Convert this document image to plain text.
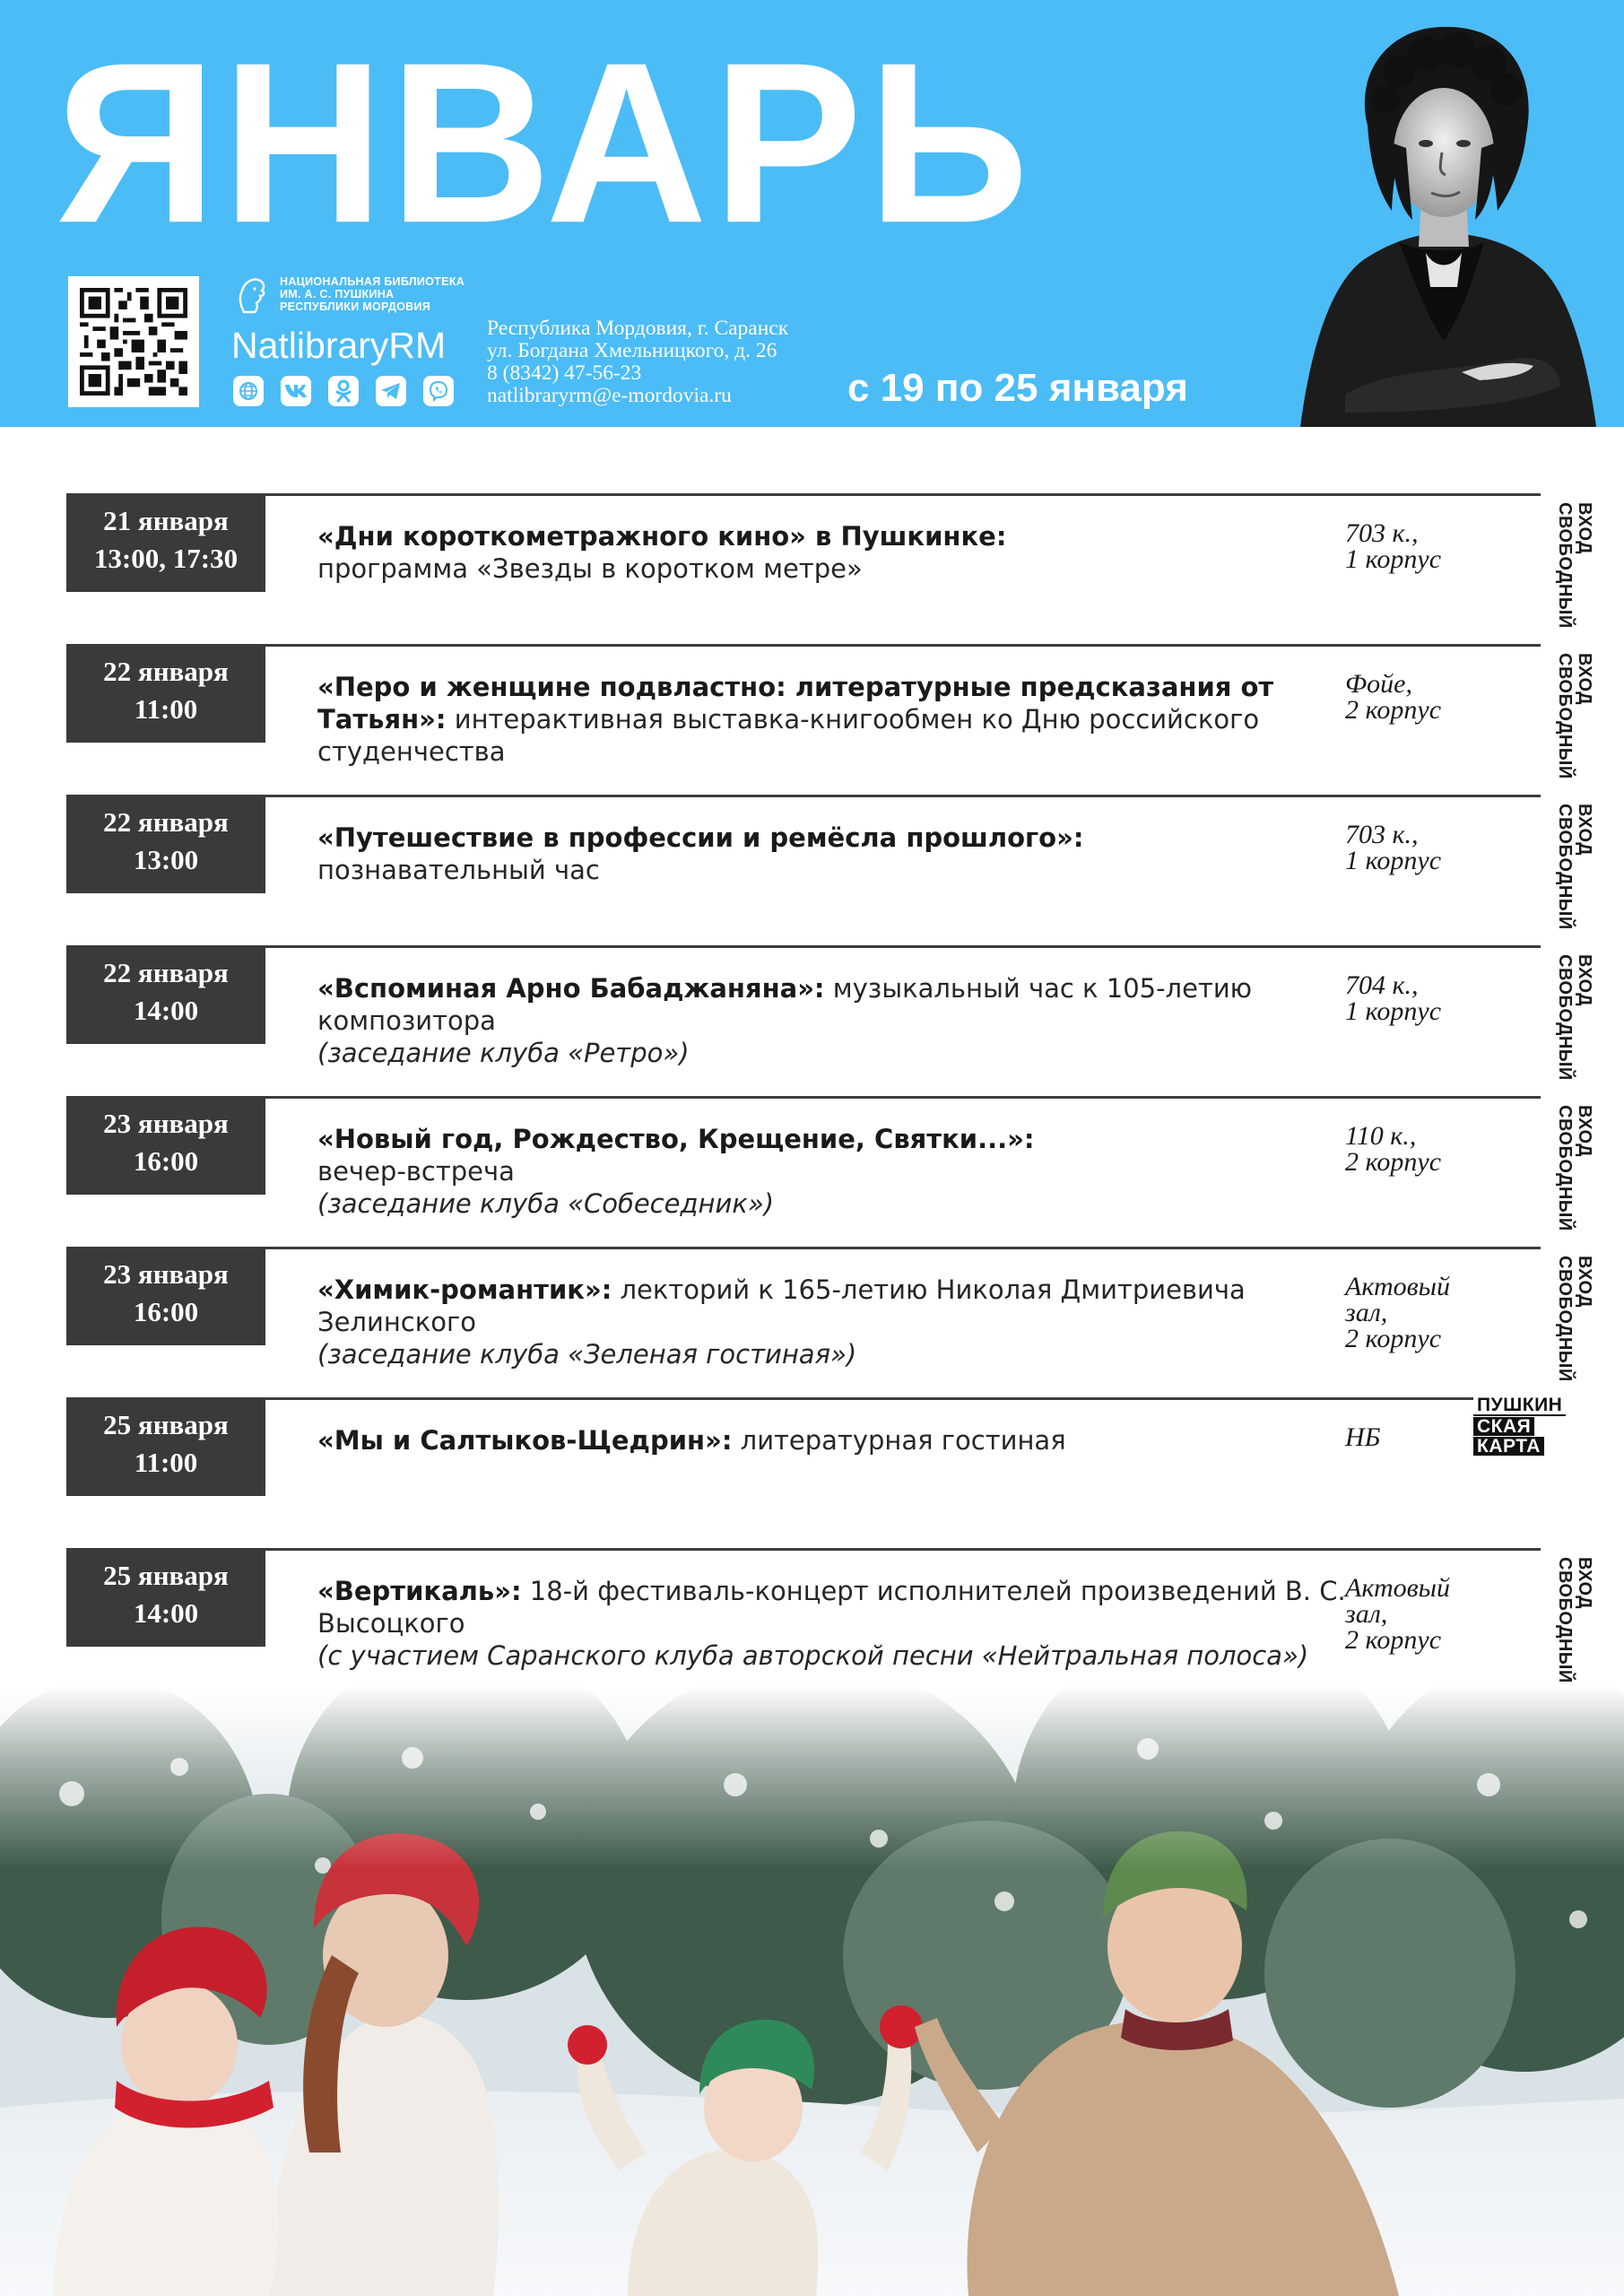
ЯНВАРЬ
НАЦИОНАЛЬНАЯ БИБЛИОТЕКА
ИМ. А. С. ПУШКИНА
РЕСПУБЛИКИ МОРДОВИЯ
NatlibraryRM Республика Мордовия, г. Саранск
ул. Богдана Хмельницкого, д. 26
8 (8342) 47-56-23
natlibraryrm@e-mordovia.ru	с 19 по 25 января
21 января
13:00, 17:30
«Дни короткометражного кино» в Пушкинке:
программа «Звезды в коротком метре»
703 к.,
1 корпус
ВХОД СВОБОДНЫЙ
22 января
11:00
«Перо и женщине подвластно: литературные предсказания от Татьян»: интерактивная выставка-книгообмен ко Дню российского студенчества
Фойе,
2 корпус
ВХОД СВОБОДНЫЙ
22 января
13:00
«Путешествие в профессии и ремёсла прошлого»:
познавательный час
703 к.,
1 корпус
ВХОД СВОБОДНЫЙ
22 января
14:00
«Вспоминая Арно Бабаджаняна»: музыкальный час к 105-летию композитора
(заседание клуба «Ретро»)
704 к.,
1 корпус
ВХОД СВОБОДНЫЙ
23 января
16:00
«Новый год, Рождество, Крещение, Святки...»:
вечер-встреча
(заседание клуба «Собеседник»)
110 к.,
2 корпус
ВХОД СВОБОДНЫЙ
23 января
16:00
«Химик-романтик»: лекторий к 165-летию Николая Дмитриевича Зелинского
(заседание клуба «Зеленая гостиная»)
Актовый
зал,
2 корпус
ВХОД СВОБОДНЫЙ
25 января
11:00
«Мы и Салтыков-Щедрин»: литературная гостиная	НБ
ПУШКИН
СКАЯ
КАРТА
25 января
14:00
«Вертикаль»: 18-й фестиваль-концерт исполнителей произведений В. С. Высоцкого
(с участием Саранского клуба авторской песни «Нейтральная полоса»)
Актовый
зал,
2 корпус
ВХОД СВОБОДНЫЙ
